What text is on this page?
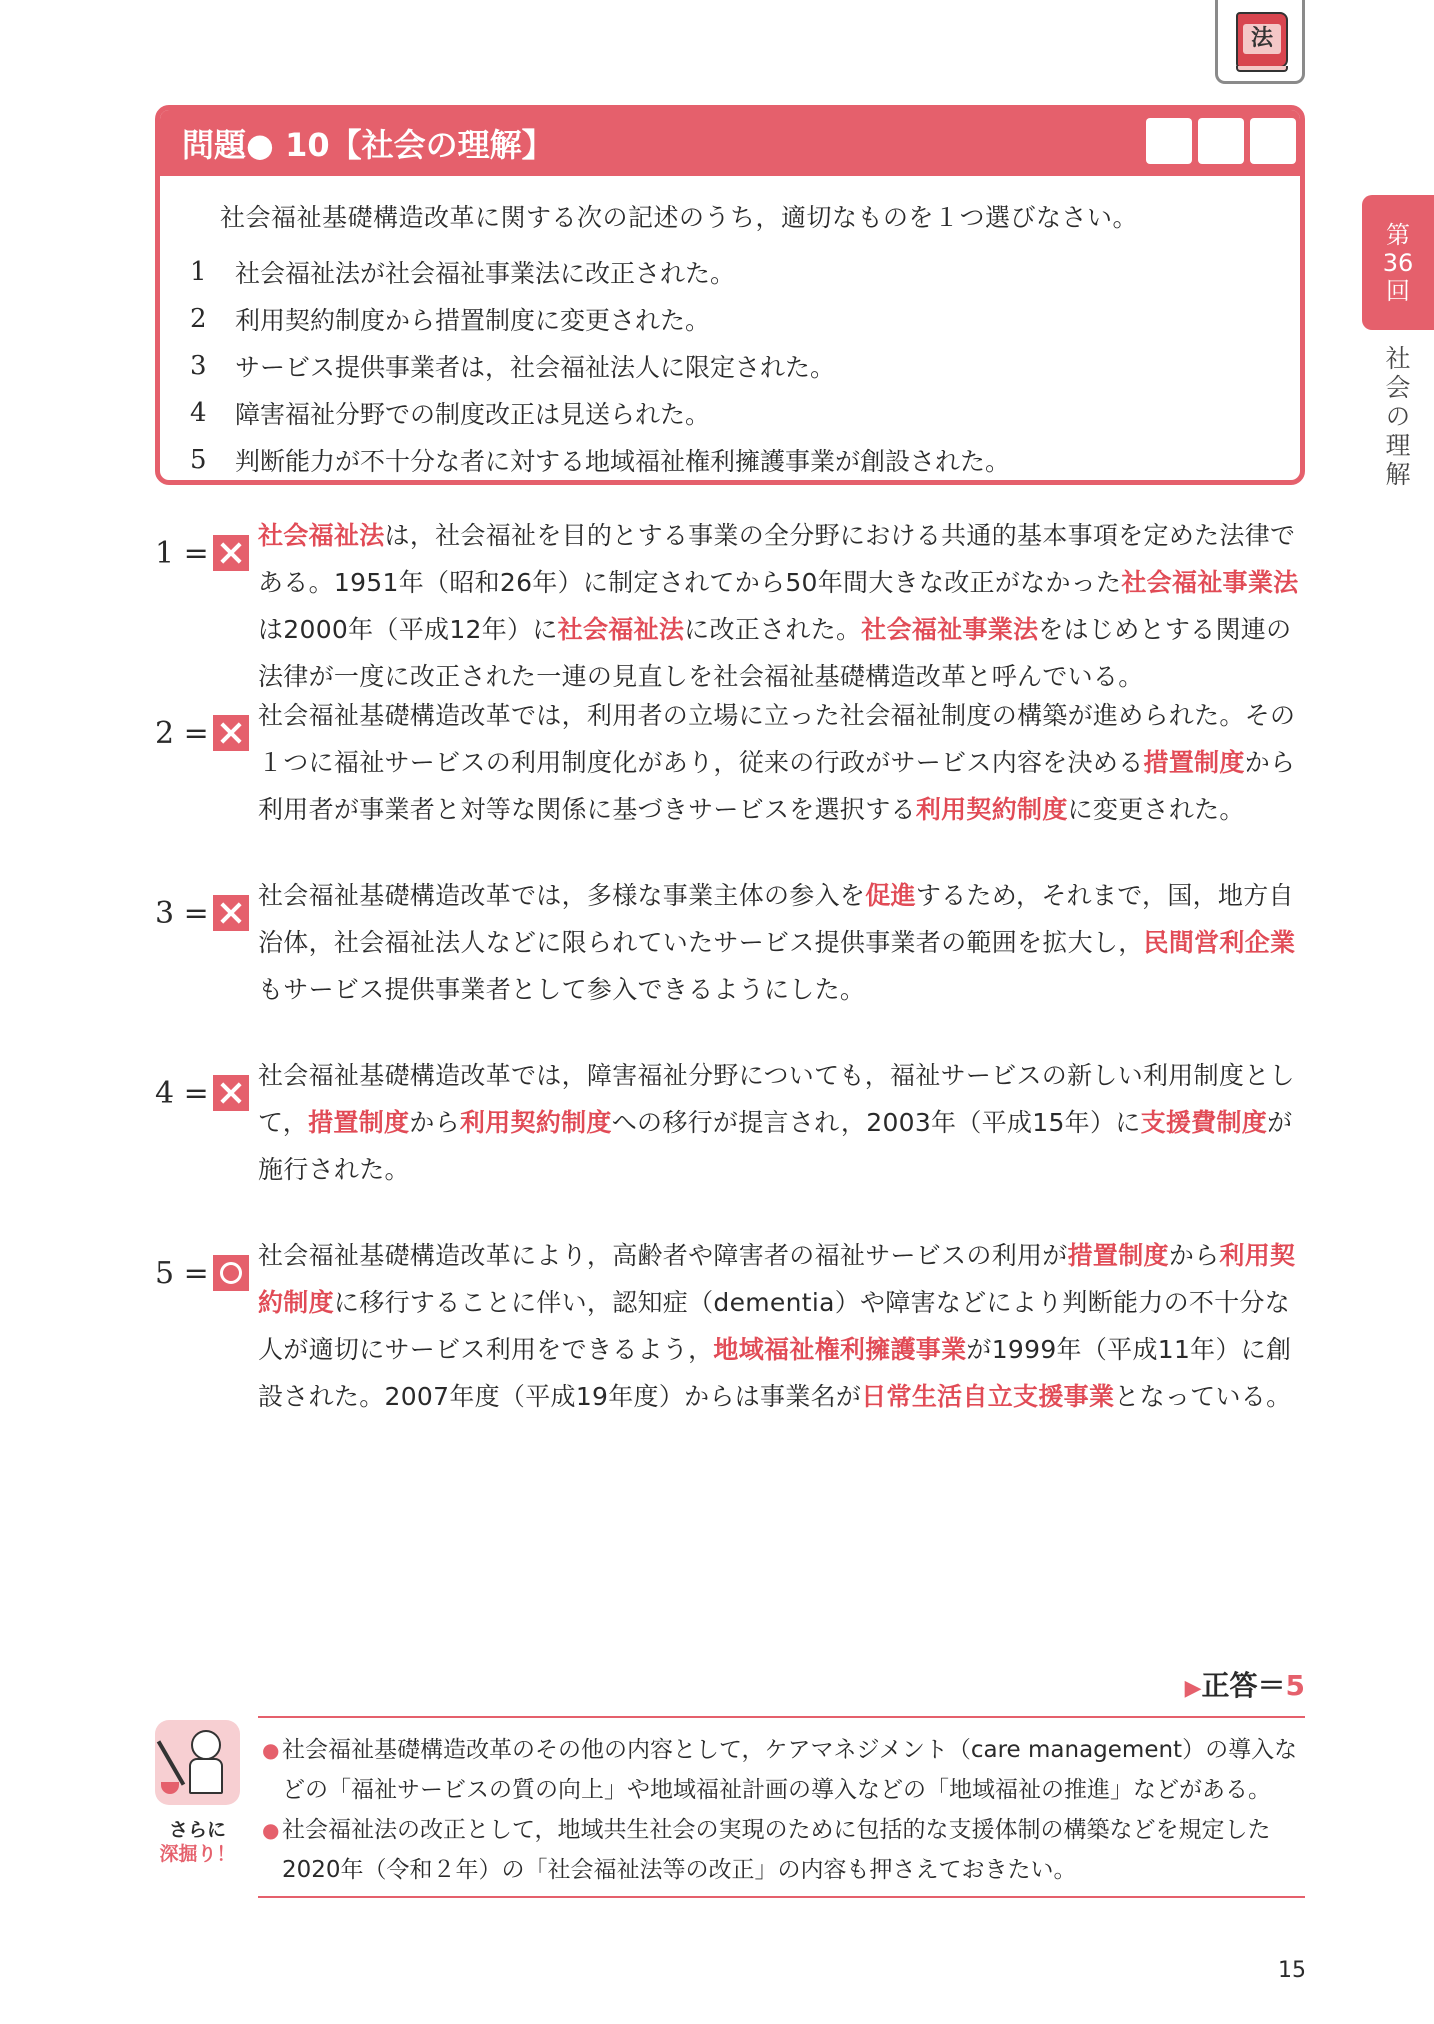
法
第
36
回
社会の理解
問題● 10【社会の理解】

社会福祉基礎構造改革に関する次の記述のうち，適切なものを１つ選びなさい。

1	社会福祉法が社会福祉事業法に改正された。
2	利用契約制度から措置制度に変更された。
3	サービス提供事業者は，社会福祉法人に限定された。
4	障害福祉分野での制度改正は見送られた。
5	判断能力が不十分な者に対する地域福祉権利擁護事業が創設された。
1 = 社会福祉法は，社会福祉を目的とする事業の全分野における共通的基本事項を定めた法律である。1951年（昭和26年）に制定されてから50年間大きな改正がなかった社会福祉事業法は2000年（平成12年）に社会福祉法に改正された。社会福祉事業法をはじめとする関連の法律が一度に改正された一連の見直しを社会福祉基礎構造改革と呼んでいる。
2 = 社会福祉基礎構造改革では，利用者の立場に立った社会福祉制度の構築が進められた。その１つに福祉サービスの利用制度化があり，従来の行政がサービス内容を決める措置制度から利用者が事業者と対等な関係に基づきサービスを選択する利用契約制度に変更された。
3 = 社会福祉基礎構造改革では，多様な事業主体の参入を促進するため，それまで，国，地方自治体，社会福祉法人などに限られていたサービス提供事業者の範囲を拡大し，民間営利企業もサービス提供事業者として参入できるようにした。
4 = 社会福祉基礎構造改革では，障害福祉分野についても，福祉サービスの新しい利用制度として，措置制度から利用契約制度への移行が提言され，2003年（平成15年）に支援費制度が施行された。
5 = 社会福祉基礎構造改革により，高齢者や障害者の福祉サービスの利用が措置制度から利用契約制度に移行することに伴い，認知症（dementia）や障害などにより判断能力の不十分な人が適切にサービス利用をできるよう，地域福祉権利擁護事業が1999年（平成11年）に創設された。2007年度（平成19年度）からは事業名が日常生活自立支援事業となっている。
▶正答＝5
さらに
深掘り！
● 社会福祉基礎構造改革のその他の内容として，ケアマネジメント（care management）の導入などの「福祉サービスの質の向上」や地域福祉計画の導入などの「地域福祉の推進」などがある。
● 社会福祉法の改正として，地域共生社会の実現のために包括的な支援体制の構築などを規定した2020年（令和２年）の「社会福祉法等の改正」の内容も押さえておきたい。
15
